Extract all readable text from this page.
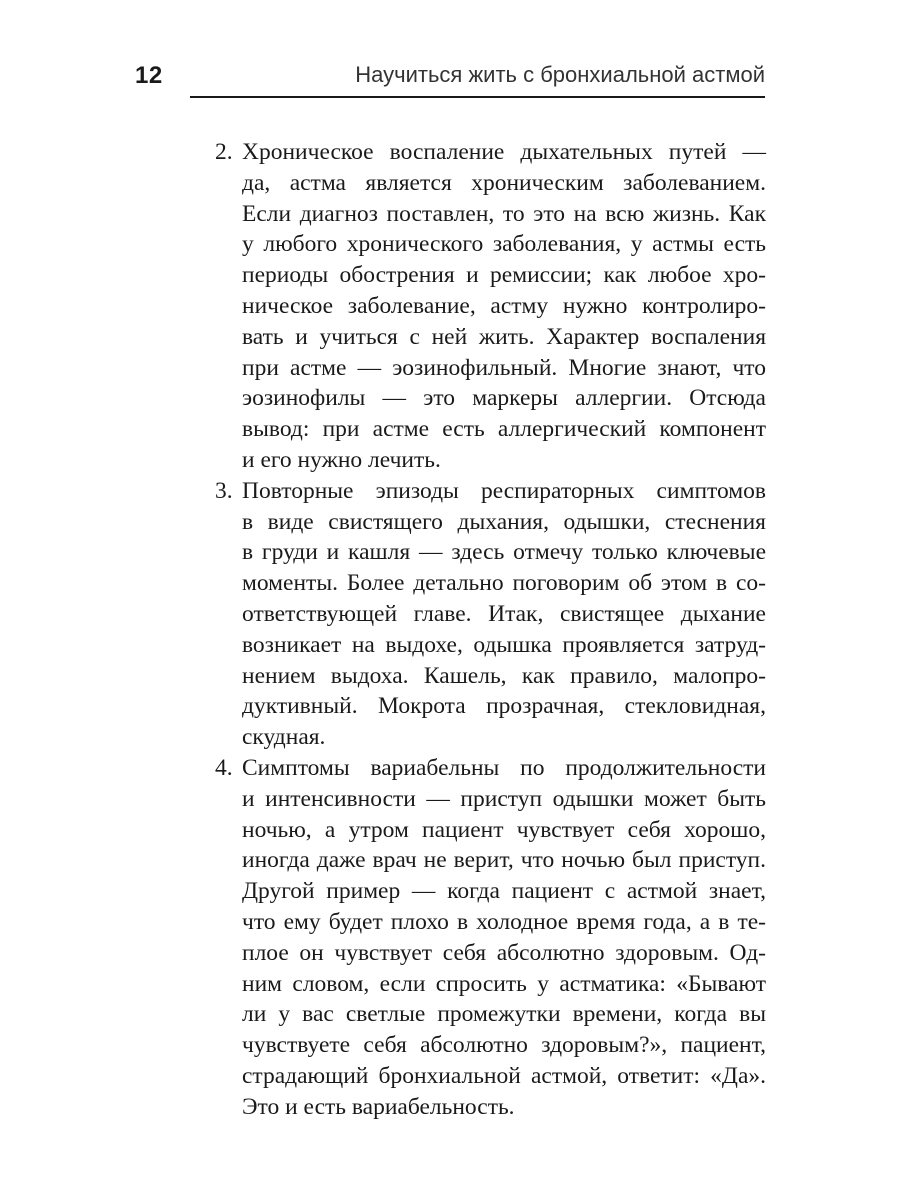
12	Научиться жить с бронхиальной астмой
2. Хроническое воспаление дыхательных путей —
да, астма является хроническим заболеванием.
Если диагноз поставлен, то это на всю жизнь. Как
у любого хронического заболевания, у астмы есть
периоды обострения и ремиссии; как любое хро-
ническое заболевание, астму нужно контролиро-
вать и учиться с ней жить. Характер воспаления
при астме — эозинофильный. Многие знают, что
эозинофилы — это маркеры аллергии. Отсюда
вывод: при астме есть аллергический компонент
и его нужно лечить.
3. Повторные эпизоды респираторных симптомов
в виде свистящего дыхания, одышки, стеснения
в груди и кашля — здесь отмечу только ключевые
моменты. Более детально поговорим об этом в со-
ответствующей главе. Итак, свистящее дыхание
возникает на выдохе, одышка проявляется затруд-
нением выдоха. Кашель, как правило, малопро-
дуктивный. Мокрота прозрачная, стекловидная,
скудная.
4. Симптомы вариабельны по продолжительности
и интенсивности — приступ одышки может быть
ночью, а утром пациент чувствует себя хорошо,
иногда даже врач не верит, что ночью был приступ.
Другой пример — когда пациент с астмой знает,
что ему будет плохо в холодное время года, а в те-
плое он чувствует себя абсолютно здоровым. Од-
ним словом, если спросить у астматика: «Бывают
ли у вас светлые промежутки времени, когда вы
чувствуете себя абсолютно здоровым?», пациент,
страдающий бронхиальной астмой, ответит: «Да».
Это и есть вариабельность.
